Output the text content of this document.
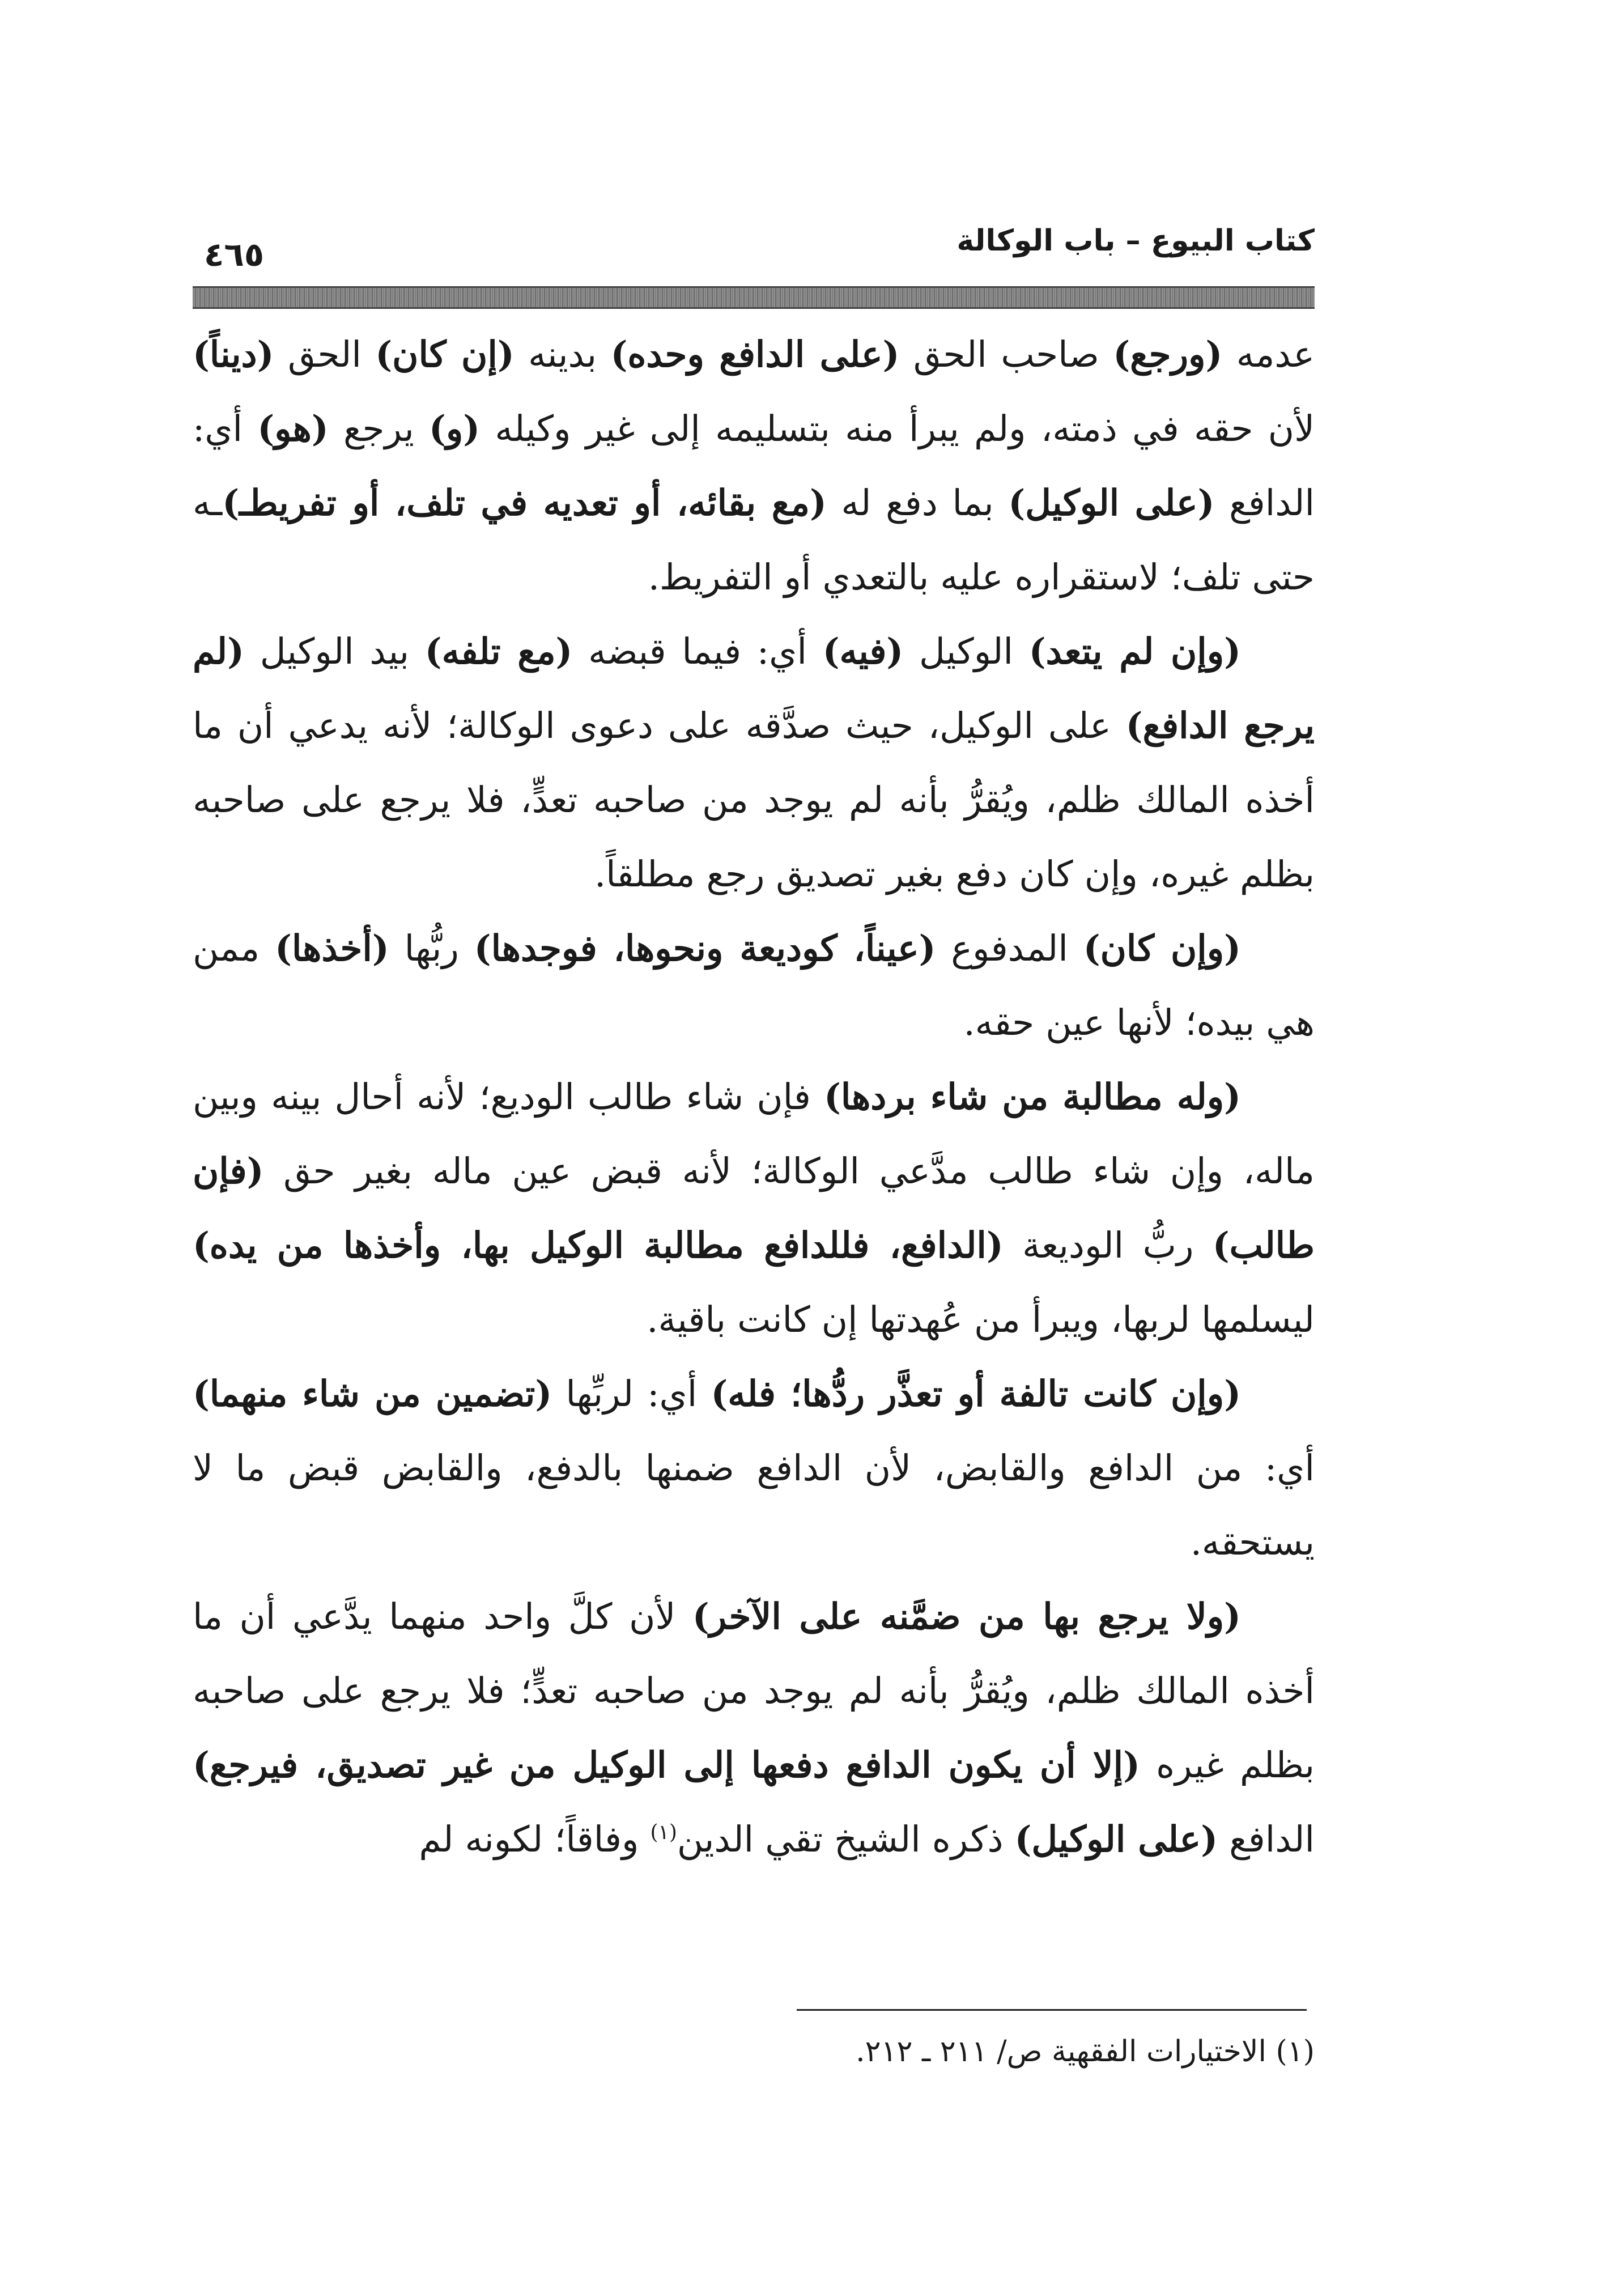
كتاب البيوع – باب الوكالة
٤٦٥

عدمه (ورجع) صاحب الحق (على الدافع وحده) بدينه (إن كان) الحق (ديناً) لأن حقه في ذمته، ولم يبرأ منه بتسليمه إلى غير وكيله (و) يرجع (هو) أي: الدافع (على الوكيل) بما دفع له (مع بقائه، أو تعديه في تلف، أو تفريطـ)ـه حتى تلف؛ لاستقراره عليه بالتعدي أو التفريط.

(وإن لم يتعد) الوكيل (فيه) أي: فيما قبضه (مع تلفه) بيد الوكيل (لم يرجع الدافع) على الوكيل، حيث صدَّقه على دعوى الوكالة؛ لأنه يدعي أن ما أخذه المالك ظلم، ويُقرُّ بأنه لم يوجد من صاحبه تعدٍّ، فلا يرجع على صاحبه بظلم غيره، وإن كان دفع بغير تصديق رجع مطلقاً.

(وإن كان) المدفوع (عيناً، كوديعة ونحوها، فوجدها) ربُّها (أخذها) ممن هي بيده؛ لأنها عين حقه.

(وله مطالبة من شاء بردها) فإن شاء طالب الوديع؛ لأنه أحال بينه وبين ماله، وإن شاء طالب مدَّعي الوكالة؛ لأنه قبض عين ماله بغير حق (فإن طالب) ربُّ الوديعة (الدافع، فللدافع مطالبة الوكيل بها، وأخذها من يده) ليسلمها لربها، ويبرأ من عُهدتها إن كانت باقية.

(وإن كانت تالفة أو تعذَّر ردُّها؛ فله) أي: لربِّها (تضمين من شاء منهما) أي: من الدافع والقابض، لأن الدافع ضمنها بالدفع، والقابض قبض ما لا يستحقه.

(ولا يرجع بها من ضمَّنه على الآخر) لأن كلَّ واحد منهما يدَّعي أن ما أخذه المالك ظلم، ويُقرُّ بأنه لم يوجد من صاحبه تعدٍّ؛ فلا يرجع على صاحبه بظلم غيره (إلا أن يكون الدافع دفعها إلى الوكيل من غير تصديق، فيرجع) الدافع (على الوكيل) ذكره الشيخ تقي الدين$^{(١)}$ وفاقاً؛ لكونه لم

(١) الاختيارات الفقهية ص/ ٢١١ ـ ٢١٢.
